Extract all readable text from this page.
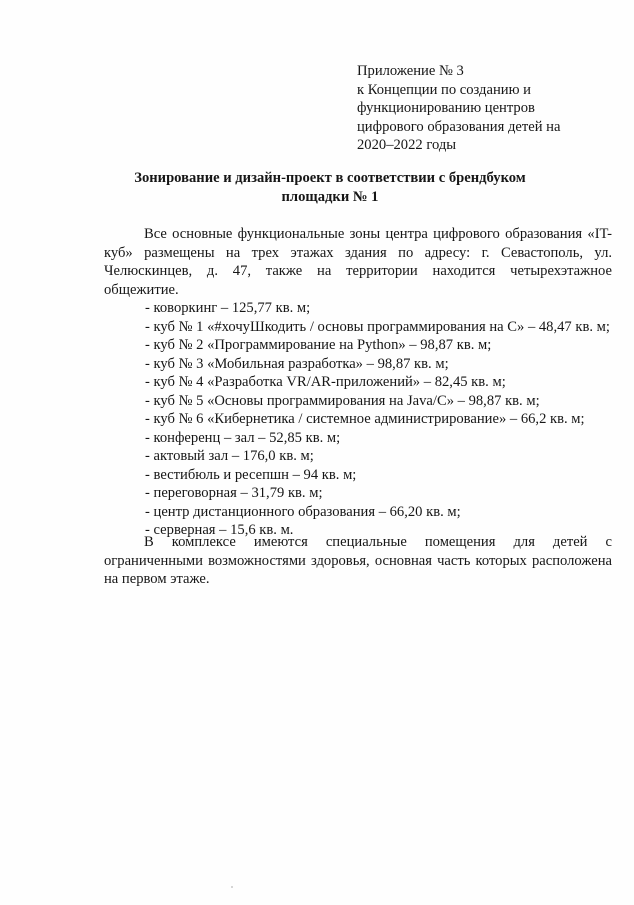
Приложение № 3
к Концепции по созданию и
функционированию центров
цифрового образования детей на
2020–2022 годы
Зонирование и дизайн-проект в соответствии с брендбуком
площадки № 1

Все основные функциональные зоны центра цифрового образования «IT-куб» размещены на трех этажах здания по адресу: г. Севастополь, ул. Челюскинцев, д. 47, также на территории находится четырехэтажное общежитие.

- коворкинг – 125,77 кв. м;
- куб № 1 «#хочуШкодить / основы программирования на С» – 48,47 кв. м;
- куб № 2 «Программирование на Python» – 98,87 кв. м;
- куб № 3 «Мобильная разработка» – 98,87 кв. м;
- куб № 4 «Разработка VR/AR-приложений» – 82,45 кв. м;
- куб № 5 «Основы программирования на Java/С» – 98,87 кв. м;
- куб № 6 «Кибернетика / системное администрирование» – 66,2 кв. м;
- конференц – зал – 52,85 кв. м;
- актовый зал – 176,0 кв. м;
- вестибюль и ресепшн – 94 кв. м;
- переговорная – 31,79 кв. м;
- центр дистанционного образования – 66,20 кв. м;
- серверная – 15,6 кв. м.

В комплексе имеются специальные помещения для детей с ограниченными возможностями здоровья, основная часть которых расположена на первом этаже.
